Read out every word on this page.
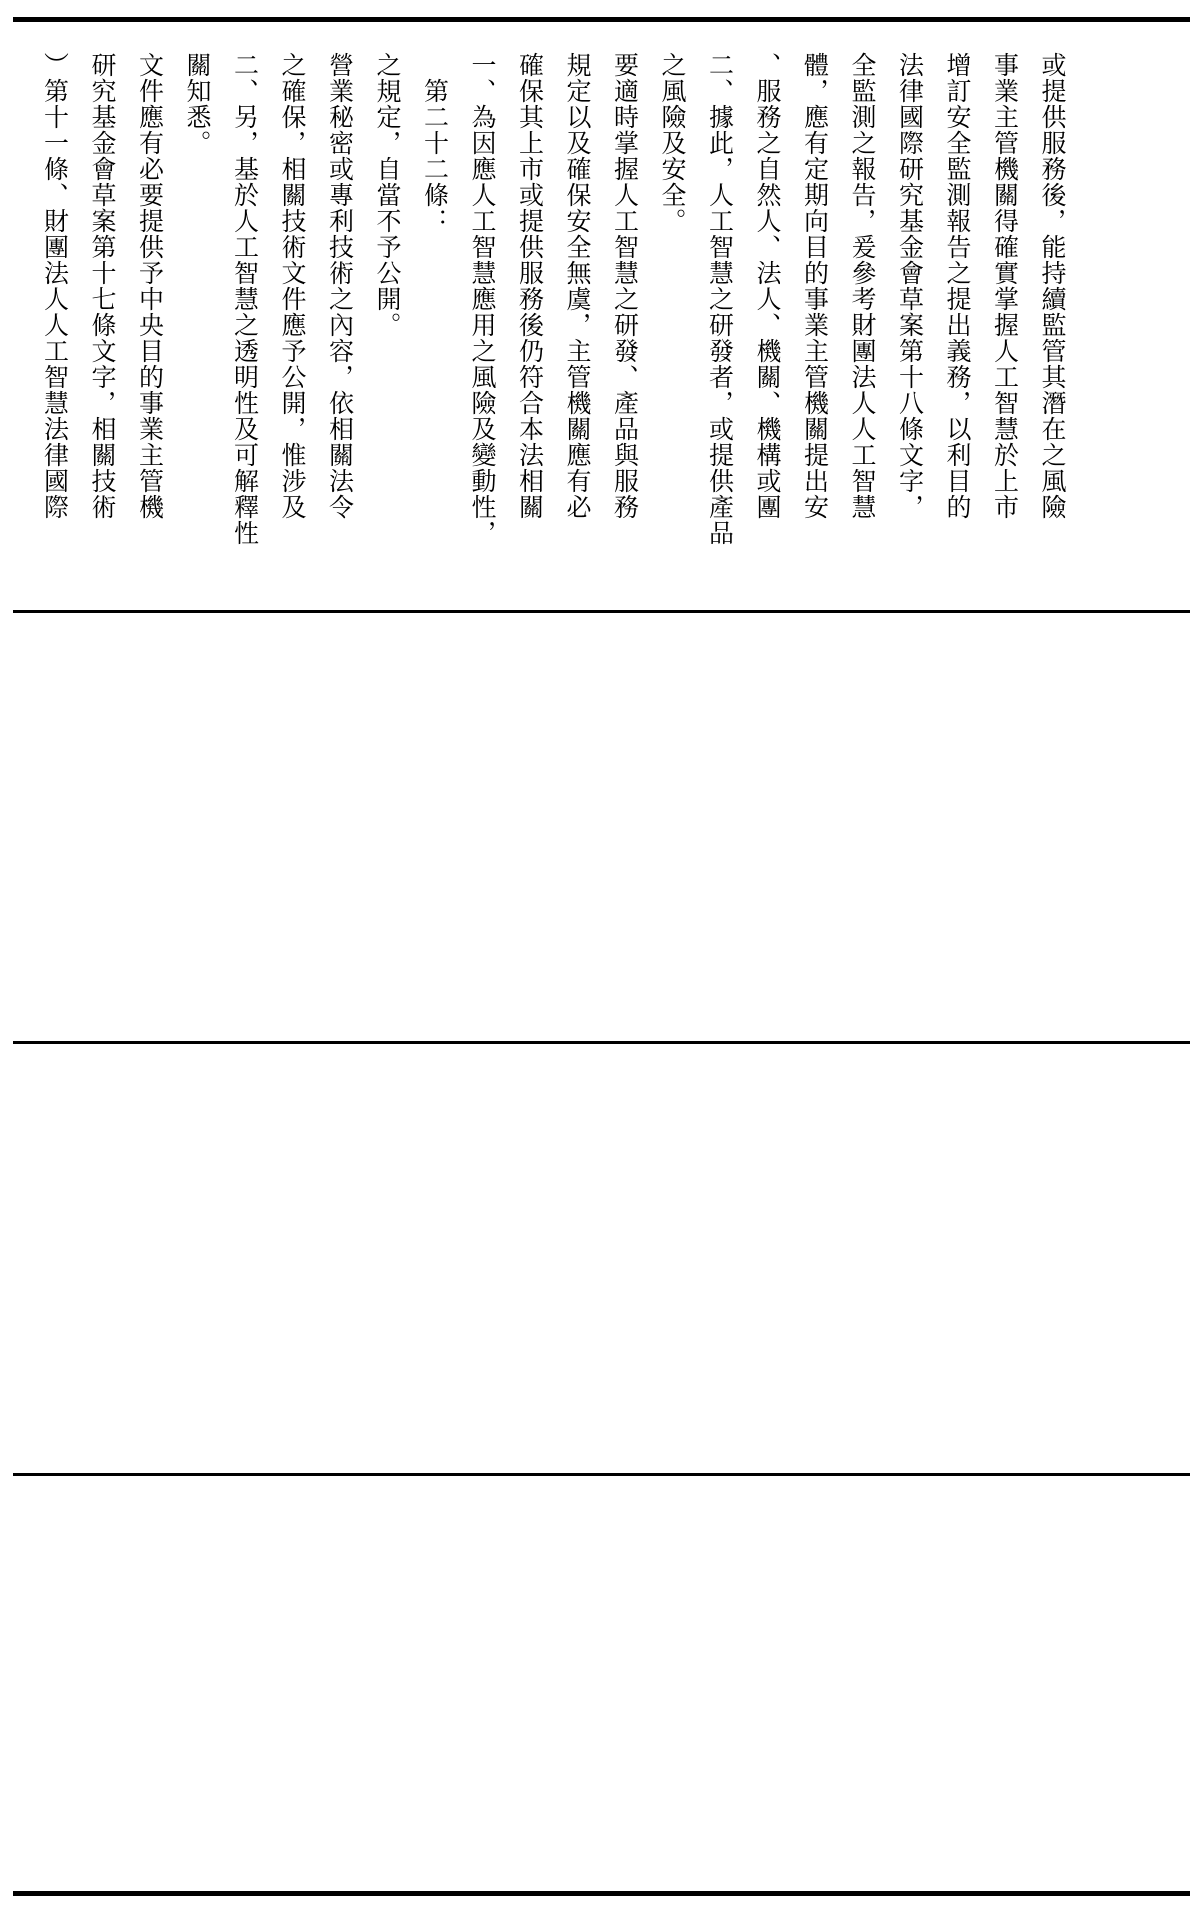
）第十一條、財團法人人工智慧法律國際 研究基金會草案第十七條文字，相關技術 文件應有必要提供予中央目的事業主管機 關知悉。 二、另，基於人工智慧之透明性及可解釋性 之確保，相關技術文件應予公開，惟涉及 營業秘密或專利技術之內容，依相關法令 之規定，自當不予公開。 　第二十二條： 一、為因應人工智慧應用之風險及變動性， 確保其上市或提供服務後仍符合本法相關 規定以及確保安全無虞，主管機關應有必 要適時掌握人工智慧之研發、產品與服務 之風險及安全。 二、據此，人工智慧之研發者，或提供產品 、服務之自然人、法人、機關、機構或團 體，應有定期向目的事業主管機關提出安 全監測之報告，爰參考財團法人人工智慧 法律國際研究基金會草案第十八條文字， 增訂安全監測報告之提出義務，以利目的 事業主管機關得確實掌握人工智慧於上市 或提供服務後，能持續監管其潛在之風險
